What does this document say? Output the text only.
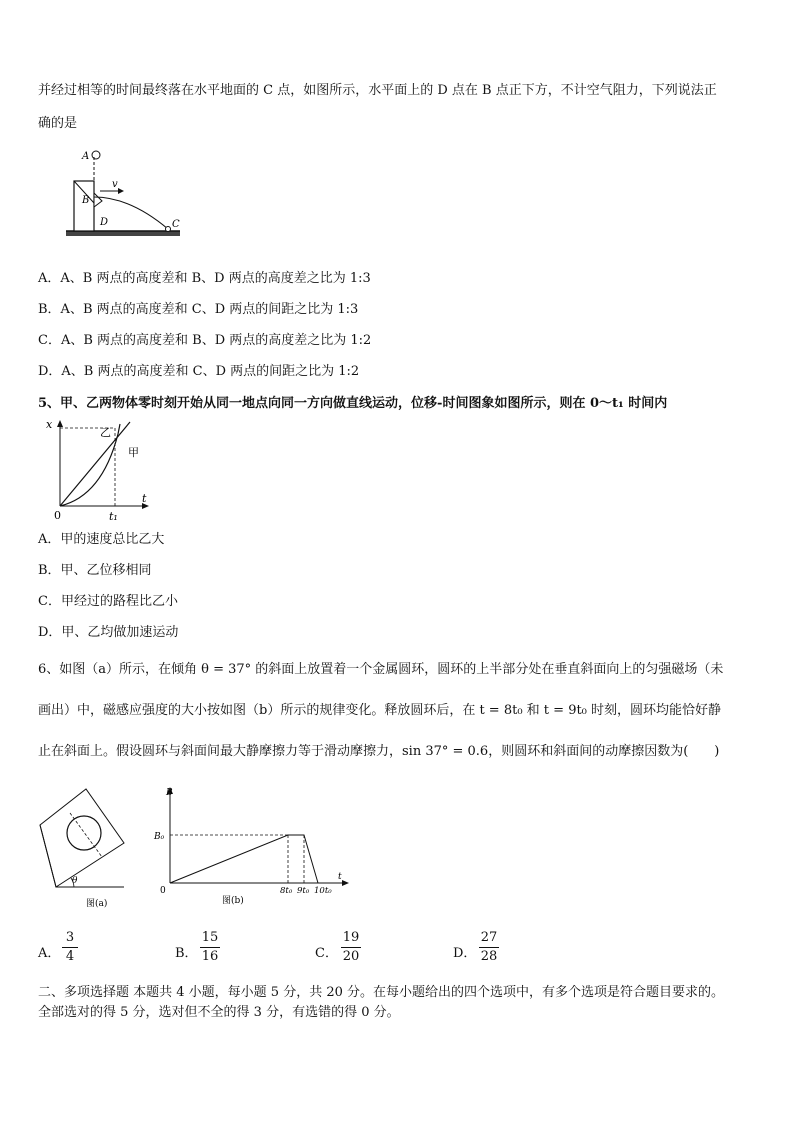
并经过相等的时间最终落在水平地面的 C 点，如图所示，水平面上的 D 点在 B 点正下方，不计空气阻力，下列说法正
确的是
A
B
D	C
v
A．A、B 两点的高度差和 B、D 两点的高度差之比为 1:3
B．A、B 两点的高度差和 C、D 两点的间距之比为 1:3
C．A、B 两点的高度差和 B、D 两点的高度差之比为 1:2
D．A、B 两点的高度差和 C、D 两点的间距之比为 1:2
5、甲、乙两物体零时刻开始从同一地点向同一方向做直线运动，位移-时间图象如图所示，则在 0～t₁ 时间内
x
t
0	t₁
甲
乙
A．甲的速度总比乙大
B．甲、乙位移相同
C．甲经过的路程比乙小
D．甲、乙均做加速运动
6、如图（a）所示，在倾角 θ = 37° 的斜面上放置着一个金属圆环，圆环的上半部分处在垂直斜面向上的匀强磁场（未
画出）中，磁感应强度的大小按如图（b）所示的规律变化。释放圆环后，在 t = 8t₀ 和 t = 9t₀ 时刻，圆环均能恰好静
止在斜面上。假设圆环与斜面间最大静摩擦力等于滑动摩擦力，sin 37° = 0.6，则圆环和斜面间的动摩擦因数为(　　)
θ
图(a)
B
B₀
0
t
8t₀ 9t₀ 10t₀
图(b)
A．
3
4	B．
15
16	C．
19
20	D．
27
28
二、多项选择题 本题共 4 小题，每小题 5 分，共 20 分。在每小题给出的四个选项中，有多个选项是符合题目要求的。
全部选对的得 5 分，选对但不全的得 3 分，有选错的得 0 分。
